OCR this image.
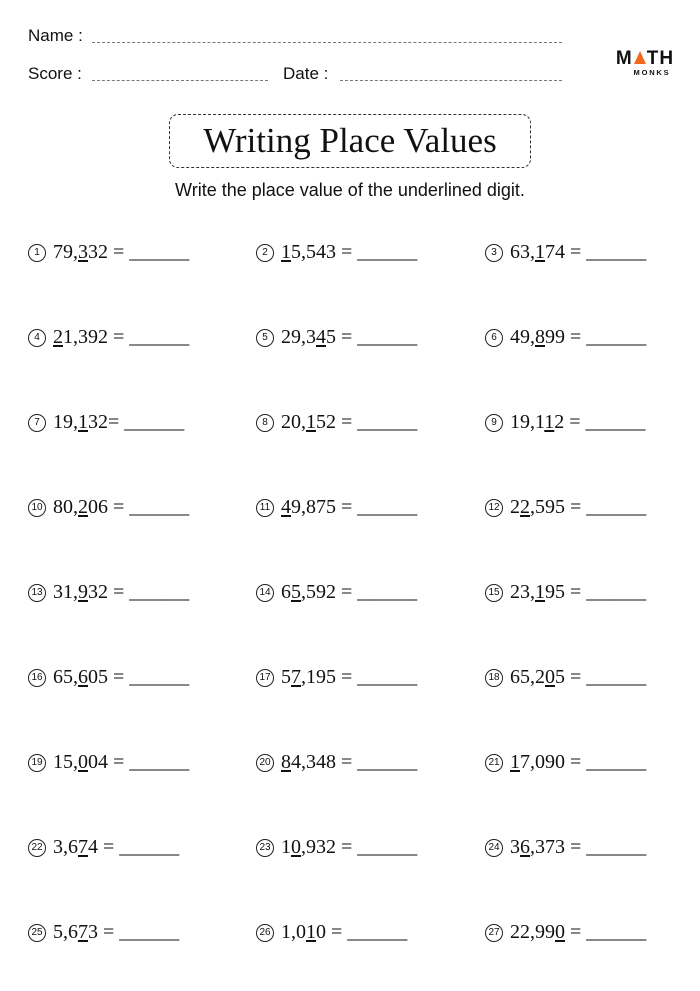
Name :
Score :	Date :
M TH
MONKS
Writing Place Values
Write the place value of the underlined digit.
1 79,332 = ______	2 15,543 = ______	3 63,174 = ______
4 21,392 = ______	5 29,345 = ______	6 49,899 = ______
7 19,132= ______	8 20,152 = ______	9 19,112 = ______
10 80,206 = ______	11 49,875 = ______	12 22,595 = ______
13 31,932 = ______	14 65,592 = ______	15 23,195 = ______
16 65,605 = ______	17 57,195 = ______	18 65,205 = ______
19 15,004 = ______	20 84,348 = ______	21 17,090 = ______
22 3,674 = ______	23 10,932 = ______	24 36,373 = ______
25 5,673 = ______	26 1,010 = ______	27 22,990 = ______
